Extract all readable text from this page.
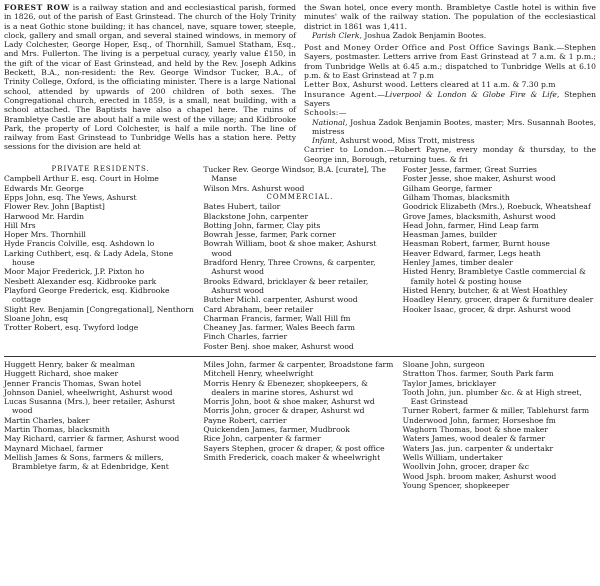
FOREST ROW is a railway station and and ecclesiastical parish, formed in 1826, out of the parish of East Grinstead. The church of the Holy Trinity is a neat Gothic stone building; it has chancel, nave, square tower, steeple, clock, gallery and small organ, and several stained windows, in memory of Lady Colchester, George Hoper, Esq., of Thornhill, Samuel Statham, Esq., and Mrs. Fullerton. The living is a perpetual curacy, yearly value £150, in the gift of the vicar of East Grinstead, and held by the Rev. Joseph Adkins Beckett, B.A., non-resident: the Rev. George Windsor Tucker, B.A., of Trinity College, Oxford, is the officiating minister. There is a large National school, attended by upwards of 200 children of both sexes. The Congregational church, erected in 1859, is a small, neat building, with a school attached. The Baptists have also a chapel here. The ruins of Brambletye Castle are about half a mile west of the village; and Kidbrooke Park, the property of Lord Colchester, is half a mile north. The line of railway from East Grinstead to Tunbridge Wells has a station here. Petty sessions for the division are held at

the Swan hotel, once every month. Brambletye Castle hotel is within five minutes' walk of the railway station. The population of the ecclesiastical district in 1861 was 1,411.
Parish Clerk, Joshua Zadok Benjamin Bootes.

Post and Money Order Office and Post Office Savings Bank.—Stephen Sayers, postmaster. Letters arrive from East Grinstead at 7 a.m. & 1 p.m.; from Tunbridge Wells at 6.45 a.m.; dispatched to Tunbridge Wells at 6.10 p.m. & to East Grinstead at 7 p.m

Letter Box, Ashurst wood. Letters cleared at 11 a.m. & 7.30 p.m

Insurance Agent.—Liverpool & London & Globe Fire & Life, Stephen Sayers

Schools:—

National, Joshua Zadok Benjamin Bootes, master; Mrs. Susannah Bootes, mistress

Infant, Ashurst wood, Miss Trott, mistress

Carrier to London.—Robert Payne, every monday & thursday, to the George inn, Borough, returning tues. & fri

PRIVATE RESIDENTS.
Campbell Arthur E. esq. Court in Holme
Edwards Mr. George
Epps John, esq. The Yews, Ashurst
Flower Rev. John [Baptist]
Harwood Mr. Hardin
Hill Mrs
Hoper Mrs. Thornhill
Hyde Francis Colville, esq. Ashdown lo
Larking Cuthbert, esq. & Lady Adela, Stone house
Moor Major Frederick, J.P. Pixton ho
Nesbett Alexander esq. Kidbrooke park
Playford George Frederick, esq. Kidbrooke cottage
Slight Rev. Benjamin [Congregational], Nenthorn
Sloane John, esq
Trotter Robert, esq. Twyford lodge
Tucker Rev. George Windsor, B.A. [curate], The Manse
Wilson Mrs. Ashurst wood
COMMERCIAL.
Bates Hubert, tailor
Blackstone John, carpenter
Botting John, farmer, Clay pits
Bowrah Jesse, farmer, Park corner
Bowrah William, boot & shoe maker, Ashurst wood
Bradford Henry, Three Crowns, & carpenter, Ashurst wood
Brooks Edward, bricklayer & beer retailer, Ashurst wood
Butcher Michl. carpenter, Ashurst wood
Card Abraham, beer retailer
Charman Francis, farmer, Wall Hill fm
Cheaney Jas. farmer, Wales Beech farm
Finch Charles, farrier
Foster Benj. shoe maker, Ashurst wood
Foster Jesse, farmer, Great Surries
Foster Jesse, shoe maker, Ashurst wood
Gilham George, farmer
Gilham Thomas, blacksmith
Goodrick Elizabeth (Mrs.), Roebuck, Wheatsheaf
Grove James, blacksmith, Ashurst wood
Head John, farmer, Hind Leap farm
Heasman James, builder
Heasman Robert, farmer, Burnt house
Heaver Edward, farmer, Legs heath
Henley James, timber dealer
Histed Henry, Brambletye Castle commercial & family hotel & posting house
Histed Henry, butcher, & at West Hoathley
Hoadley Henry, grocer, draper & furniture dealer
Hooker Isaac, grocer, & drpr. Ashurst wood
Huggett Henry, baker & mealman
Huggett Richard, shoe maker
Jenner Francis Thomas, Swan hotel
Johnson Daniel, wheelwright, Ashurst wood
Lucas Susanna (Mrs.), beer retailer, Ashurst wood
Martin Charles, baker
Martin Thomas, blacksmith
May Richard, carrier & farmer, Ashurst wood
Maynard Michael, farmer
Mellish James & Sons, farmers & millers, Brambletye farm, & at Edenbridge, Kent
Miles John, farmer & carpenter, Broadstone farm
Mitchell Henry, wheelwright
Morris Henry & Ebenezer, shopkeepers, & dealers in marine stores, Ashurst wd
Morris John, boot & shoe maker, Ashurst wd
Morris John, grocer & draper, Ashurst wd
Payne Robert, carrier
Quickenden James, farmer, Mudbrook
Rice John, carpenter & farmer
Sayers Stephen, grocer & draper, & post office
Smith Frederick, coach maker & wheelwright
Sloane John, surgeon
Stratton Thos. farmer, South Park farm
Taylor James, bricklayer
Tooth John, jun. plumber &c. & at High street, East Grinstead
Turner Robert, farmer & miller, Tablehurst farm
Underwood John, farmer, Horseshoe fm
Waghorn Thomas, boot & shoe maker
Waters James, wood dealer & farmer
Waters Jas. jun. carpenter & undertakr
Wells William, undertaker
Woollvin John, grocer, draper &c
Wood Jsph. broom maker, Ashurst wood
Young Spencer, shopkeeper
